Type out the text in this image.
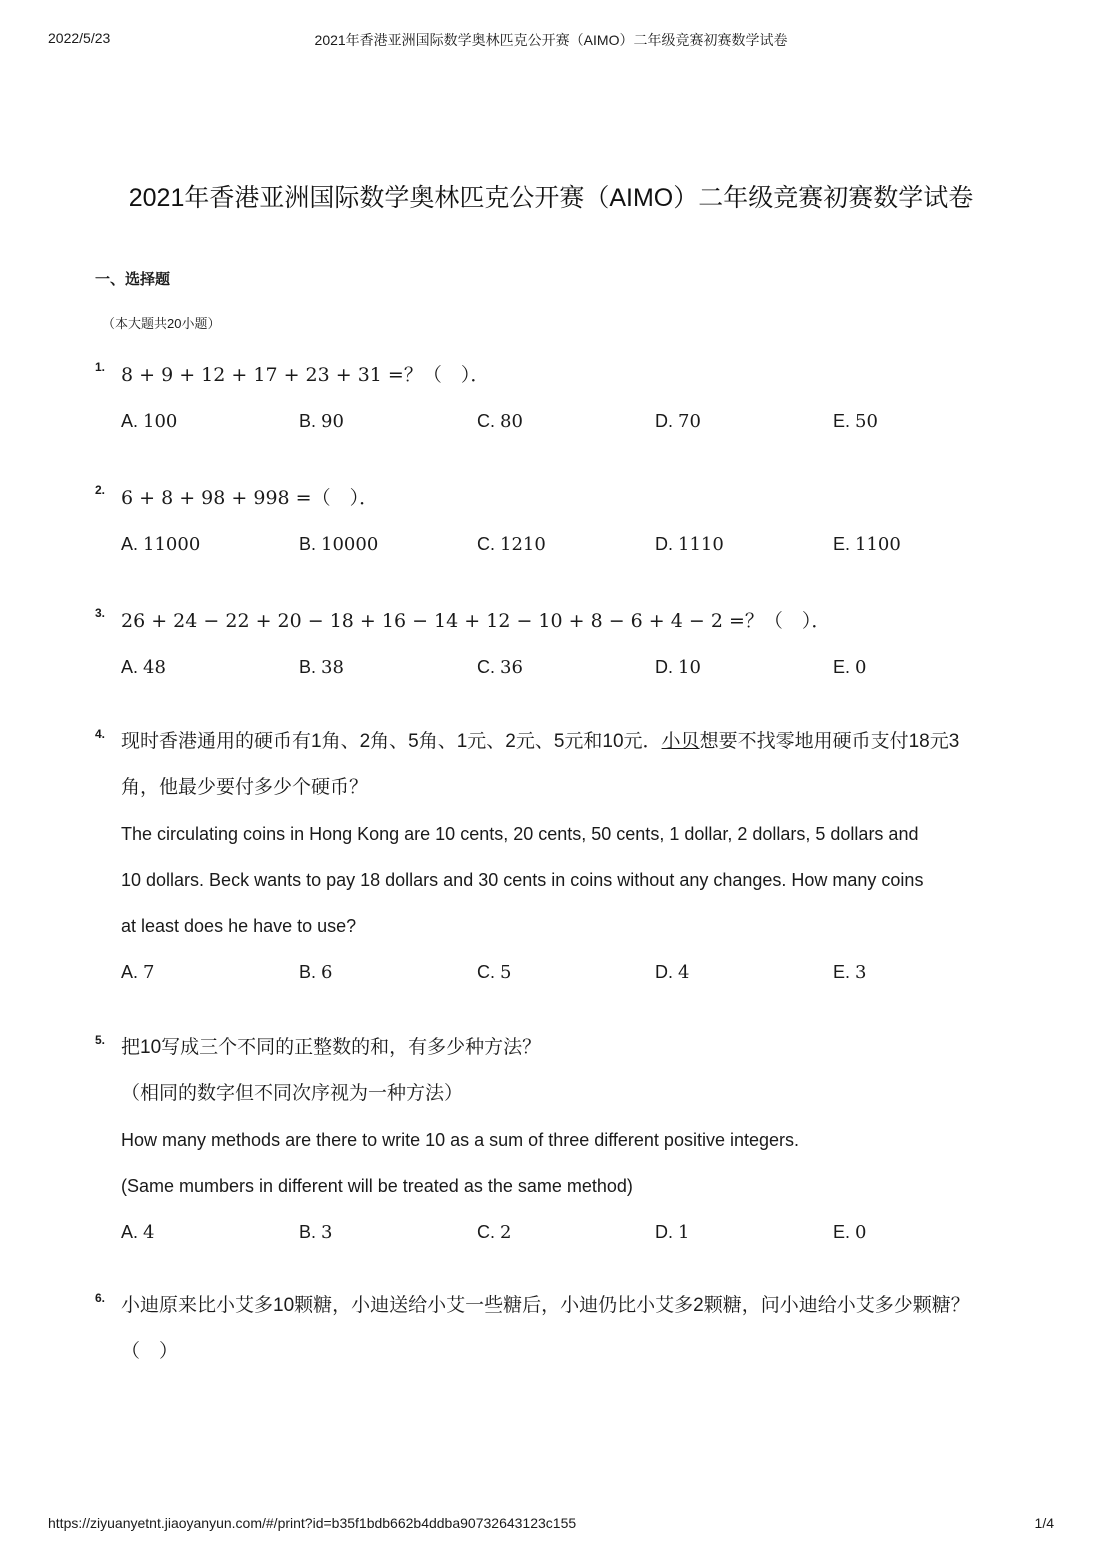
2022/5/23	2021年香港亚洲国际数学奥林匹克公开赛（AIMO）二年级竞赛初赛数学试卷
2021年香港亚洲国际数学奥林匹克公开赛（AIMO）二年级竞赛初赛数学试卷
一、选择题
（本大题共20小题）
1. 8 + 9 + 12 + 17 + 23 + 31 =？（　）．
A. 100	B. 90	C. 80	D. 70	E. 50
2. 6 + 8 + 98 + 998 =（　）．
A. 11000	B. 10000	C. 1210	D. 1110	E. 1100
3. 26 + 24 − 22 + 20 − 18 + 16 − 14 + 12 − 10 + 8 − 6 + 4 − 2 =？（　）．
A. 48	B. 38	C. 36	D. 10	E. 0
4. 现时香港通用的硬币有1角、2角、5角、1元、2元、5元和10元．小贝想要不找零地用硬币支付18元3
角，他最少要付多少个硬币？
The circulating coins in Hong Kong are 10 cents, 20 cents, 50 cents, 1 dollar, 2 dollars, 5 dollars and
10 dollars. Beck wants to pay 18 dollars and 30 cents in coins without any changes. How many coins
at least does he have to use?
A. 7	B. 6	C. 5	D. 4	E. 3
5. 把10写成三个不同的正整数的和，有多少种方法？
（相同的数字但不同次序视为一种方法）
How many methods are there to write 10 as a sum of three different positive integers.
(Same mumbers in different will be treated as the same method)
A. 4	B. 3	C. 2	D. 1	E. 0
6. 小迪原来比小艾多10颗糖，小迪送给小艾一些糖后，小迪仍比小艾多2颗糖，问小迪给小艾多少颗糖？
（　）
https://ziyuanyetnt.jiaoyanyun.com/#/print?id=b35f1bdb662b4ddba90732643123c155	1/4
